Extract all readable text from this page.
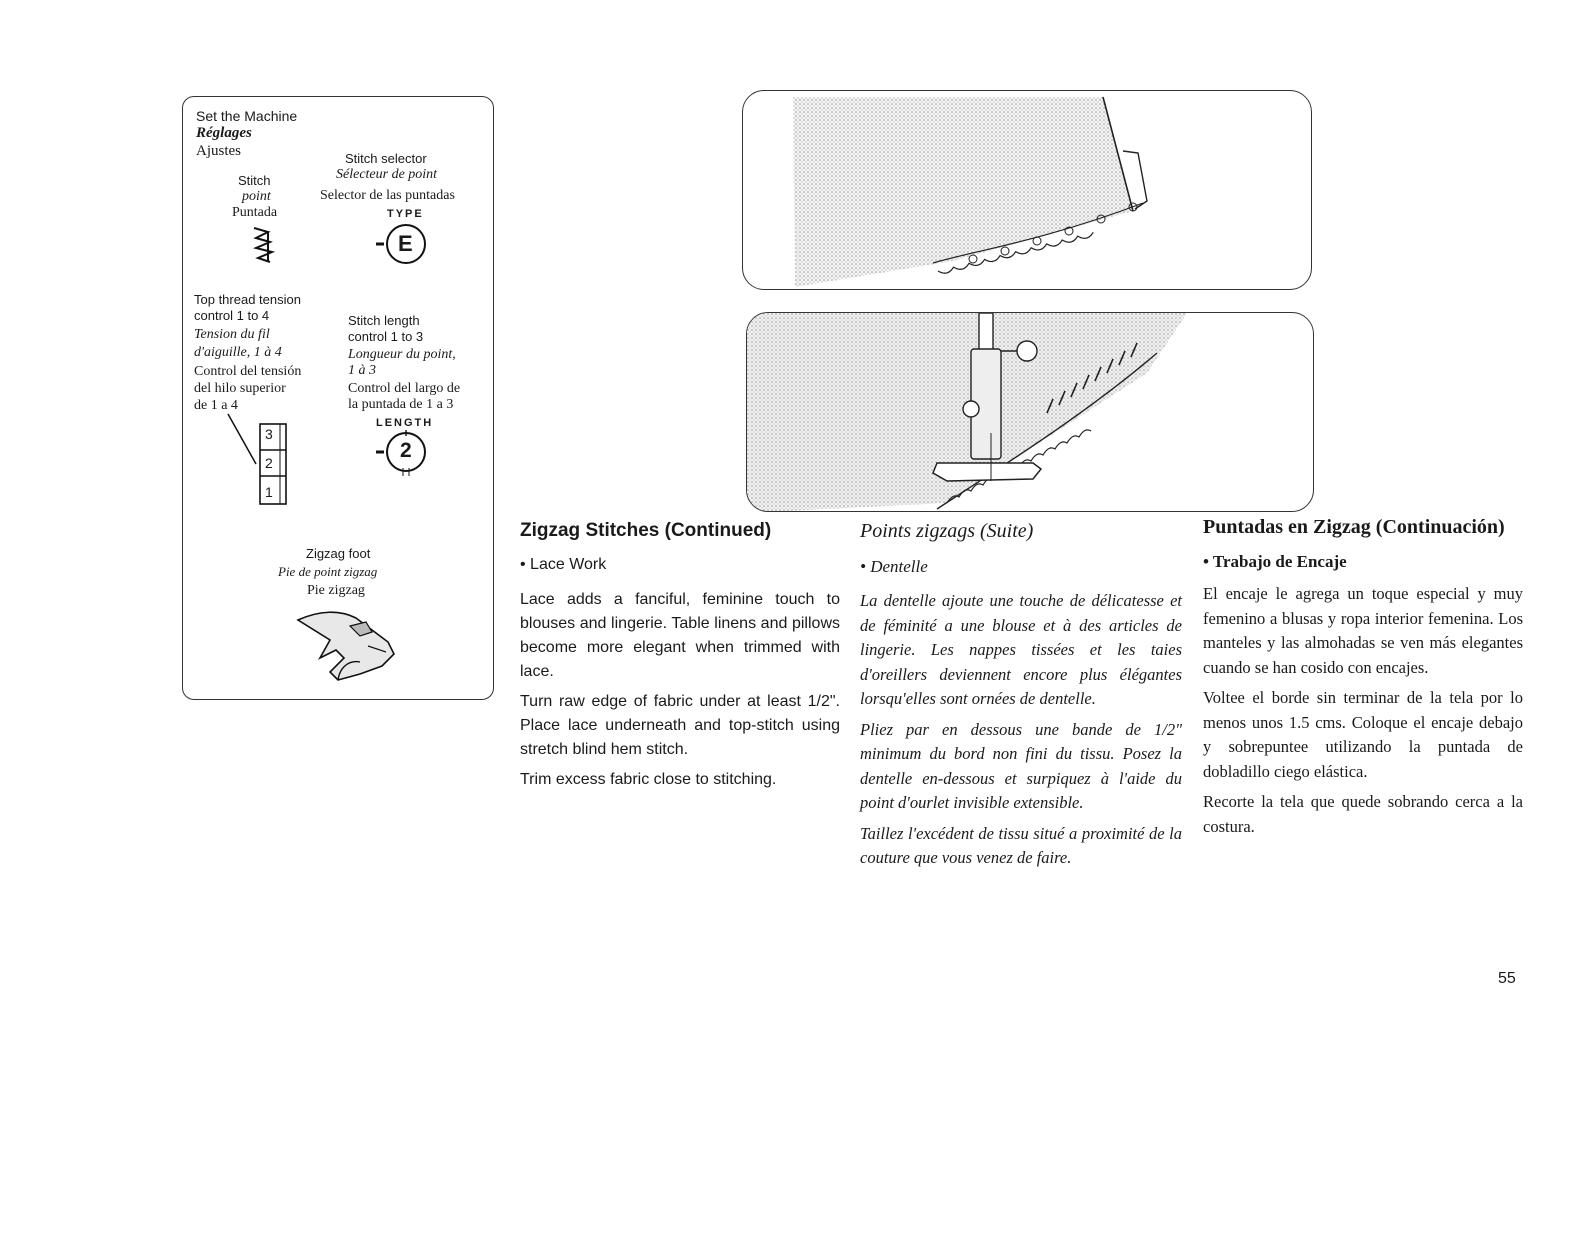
Set the Machine
Réglages
Ajustes
Stitch
point
Puntada
Stitch selector
Sélecteur de point
Selector de las puntadas
TYPE
E
Top thread tension
control 1 to 4
Tension du fil
d'aiguille, 1 à 4
Control del tensión
del hilo superior
de 1 a 4
3
2
1
Stitch length
control 1 to 3
Longueur du point,
1 à 3
Control del largo de
la puntada de 1 a 3
LENGTH
2
Zigzag foot
Pie de point zigzag
Pie zigzag
Zigzag Stitches (Continued)
• Lace Work

Lace adds a fanciful, feminine touch to blouses and lingerie. Table linens and pillows become more elegant when trimmed with lace.

Turn raw edge of fabric under at least 1/2". Place lace underneath and top-stitch using stretch blind hem stitch.

Trim excess fabric close to stitching.

Points zigzags (Suite)
• Dentelle

La dentelle ajoute une touche de délicatesse et de féminité a une blouse et à des articles de lingerie. Les nappes tissées et les taies d'oreillers deviennent encore plus élégantes lorsqu'elles sont ornées de dentelle.

Pliez par en dessous une bande de 1/2" minimum du bord non fini du tissu. Posez la dentelle en-dessous et surpiquez à l'aide du point d'ourlet invisible extensible.

Taillez l'excédent de tissu situé a proximité de la couture que vous venez de faire.

Puntadas en Zigzag (Continuación)
• Trabajo de Encaje

El encaje le agrega un toque especial y muy femenino a blusas y ropa interior femenina. Los manteles y las almohadas se ven más elegantes cuando se han cosido con encajes.

Voltee el borde sin terminar de la tela por lo menos unos 1.5 cms. Coloque el encaje debajo y sobrepuntee utilizando la puntada de dobladillo ciego elástica.

Recorte la tela que quede sobrando cerca a la costura.

55
